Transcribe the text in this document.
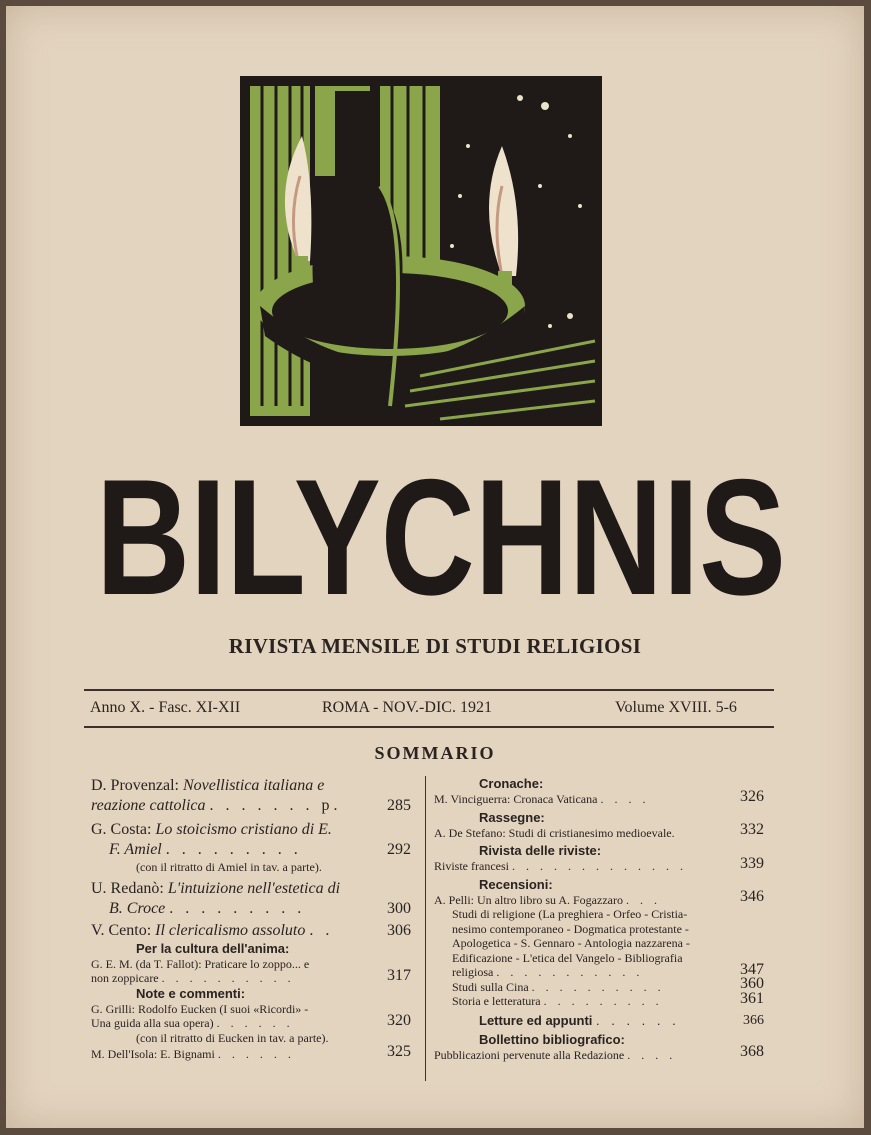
BILYCHNIS
RIVISTA MENSILE DI STUDI RELIGIOSI
Anno X. - Fasc. XI-XII	ROMA - NOV.-DIC. 1921	Volume XVIII. 5-6
SOMMARIO
D. Provenzal: Novellistica italiana e
reazione cattolica . . . . . . . p.	285
G. Costa: Lo stoicismo cristiano di E.
F. Amiel . . . . . . . . .	292
(con il ritratto di Amiel in tav. a parte).
U. Redanò: L'intuizione nell'estetica di
B. Croce . . . . . . . . .	300
V. Cento: Il clericalismo assoluto . .	306
Per la cultura dell'anima:
G. E. M. (da T. Fallot): Praticare lo zoppo... e
non zoppicare . . . . . . . . . .	317
Note e commenti:
G. Grilli: Rodolfo Eucken (I suoi «Ricordi» -
Una guida alla sua opera) . . . . . .	320
(con il ritratto di Eucken in tav. a parte).
M. Dell'Isola: E. Bignami . . . . . .	325
Cronache:
M. Vinciguerra: Cronaca Vaticana . . . .	326
Rassegne:
A. De Stefano: Studi di cristianesimo medioevale.	332
Rivista delle riviste:
Riviste francesi . . . . . . . . . . . . .	339
Recensioni:
A. Pelli: Un altro libro su A. Fogazzaro . . .	346
Studi di religione (La preghiera - Orfeo - Cristia-
nesimo contemporaneo - Dogmatica protestante -
Apologetica - S. Gennaro - Antologia nazzarena -
Edificazione - L'etica del Vangelo - Bibliografia
religiosa . . . . . . . . . . .	347
Studi sulla Cina . . . . . . . . . .	360
Storia e letteratura . . . . . . . . .	361
Letture ed appunti . . . . . .	366
Bollettino bibliografico:
Pubblicazioni pervenute alla Redazione . . . .	368
